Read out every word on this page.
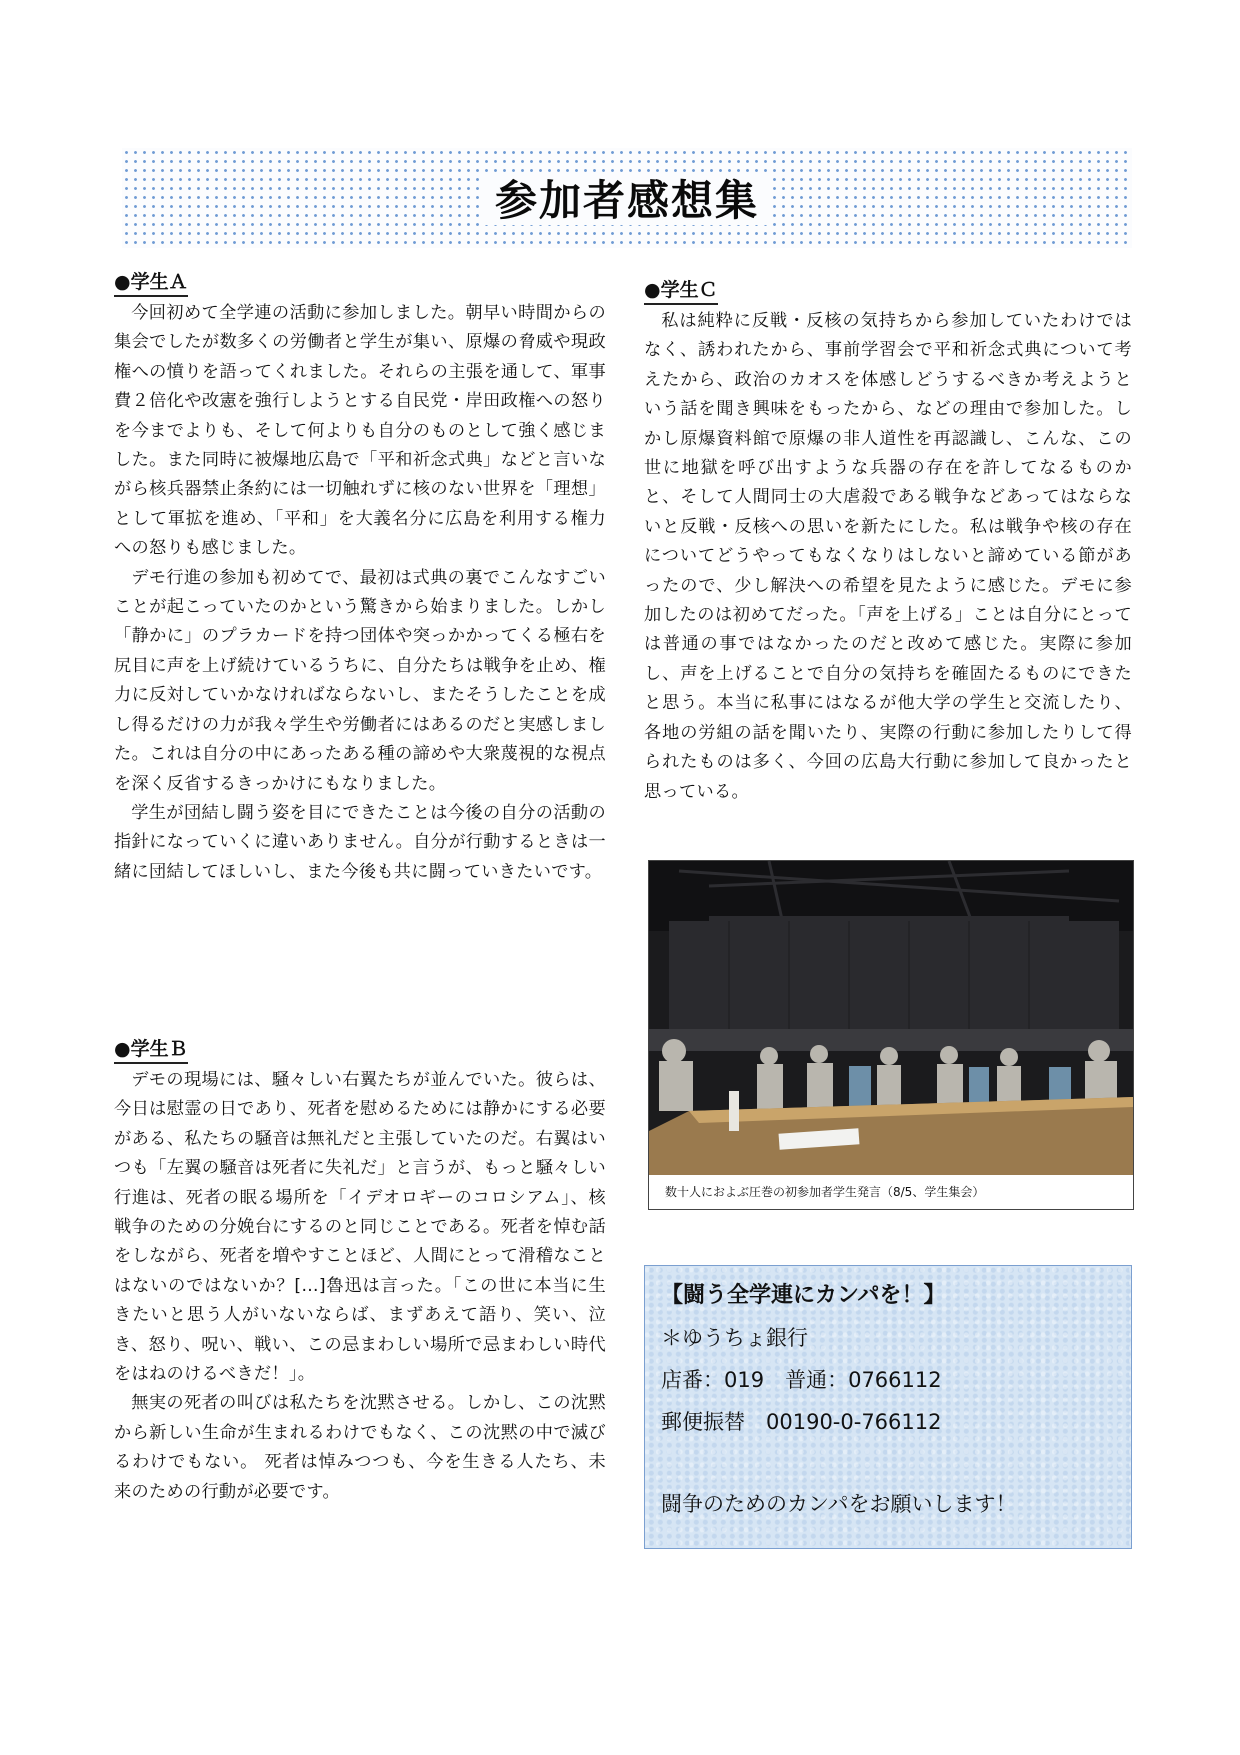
参加者感想集
●学生Ａ

今回初めて全学連の活動に参加しました。朝早い時間からの集会でしたが数多くの労働者と学生が集い、原爆の脅威や現政権への憤りを語ってくれました。それらの主張を通して、軍事費２倍化や改憲を強行しようとする自民党・岸田政権への怒りを今までよりも、そして何よりも自分のものとして強く感じました。また同時に被爆地広島で「平和祈念式典」などと言いながら核兵器禁止条約には一切触れずに核のない世界を「理想」として軍拡を進め、「平和」を大義名分に広島を利用する権力への怒りも感じました。

デモ行進の参加も初めてで、最初は式典の裏でこんなすごいことが起こっていたのかという驚きから始まりました。しかし「静かに」のプラカードを持つ団体や突っかかってくる極右を尻目に声を上げ続けているうちに、自分たちは戦争を止め、権力に反対していかなければならないし、またそうしたことを成し得るだけの力が我々学生や労働者にはあるのだと実感しました。これは自分の中にあったある種の諦めや大衆蔑視的な視点を深く反省するきっかけにもなりました。

学生が団結し闘う姿を目にできたことは今後の自分の活動の指針になっていくに違いありません。自分が行動するときは一緒に団結してほしいし、また今後も共に闘っていきたいです。

●学生Ｂ

デモの現場には、騒々しい右翼たちが並んでいた。彼らは、今日は慰霊の日であり、死者を慰めるためには静かにする必要がある、私たちの騒音は無礼だと主張していたのだ。右翼はいつも「左翼の騒音は死者に失礼だ」と言うが、もっと騒々しい行進は、死者の眠る場所を「イデオロギーのコロシアム」、核戦争のための分娩台にするのと同じことである。死者を悼む話をしながら、死者を増やすことほど、人間にとって滑稽なことはないのではないか？[…]魯迅は言った。「この世に本当に生きたいと思う人がいないならば、まずあえて語り、笑い、泣き、怒り、呪い、戦い、この忌まわしい場所で忌まわしい時代をはねのけるべきだ！」。

無実の死者の叫びは私たちを沈黙させる。しかし、この沈黙から新しい生命が生まれるわけでもなく、この沈黙の中で滅びるわけでもない。 死者は悼みつつも、今を生きる人たち、未来のための行動が必要です。

●学生Ｃ

私は純粋に反戦・反核の気持ちから参加していたわけではなく、誘われたから、事前学習会で平和祈念式典について考えたから、政治のカオスを体感しどうするべきか考えようという話を聞き興味をもったから、などの理由で参加した。しかし原爆資料館で原爆の非人道性を再認識し、こんな、この世に地獄を呼び出すような兵器の存在を許してなるものかと、そして人間同士の大虐殺である戦争などあってはならないと反戦・反核への思いを新たにした。私は戦争や核の存在についてどうやってもなくなりはしないと諦めている節があったので、少し解決への希望を見たように感じた。デモに参加したのは初めてだった。「声を上げる」ことは自分にとっては普通の事ではなかったのだと改めて感じた。実際に参加し、声を上げることで自分の気持ちを確固たるものにできたと思う。本当に私事にはなるが他大学の学生と交流したり、各地の労組の話を聞いたり、実際の行動に参加したりして得られたものは多く、今回の広島大行動に参加して良かったと思っている。

数十人におよぶ圧巻の初参加者学生発言（8/5、学生集会）
【闘う全学連にカンパを！】
＊ゆうちょ銀行
店番：019　普通：0766112
郵便振替　00190-0-766112
闘争のためのカンパをお願いします！
